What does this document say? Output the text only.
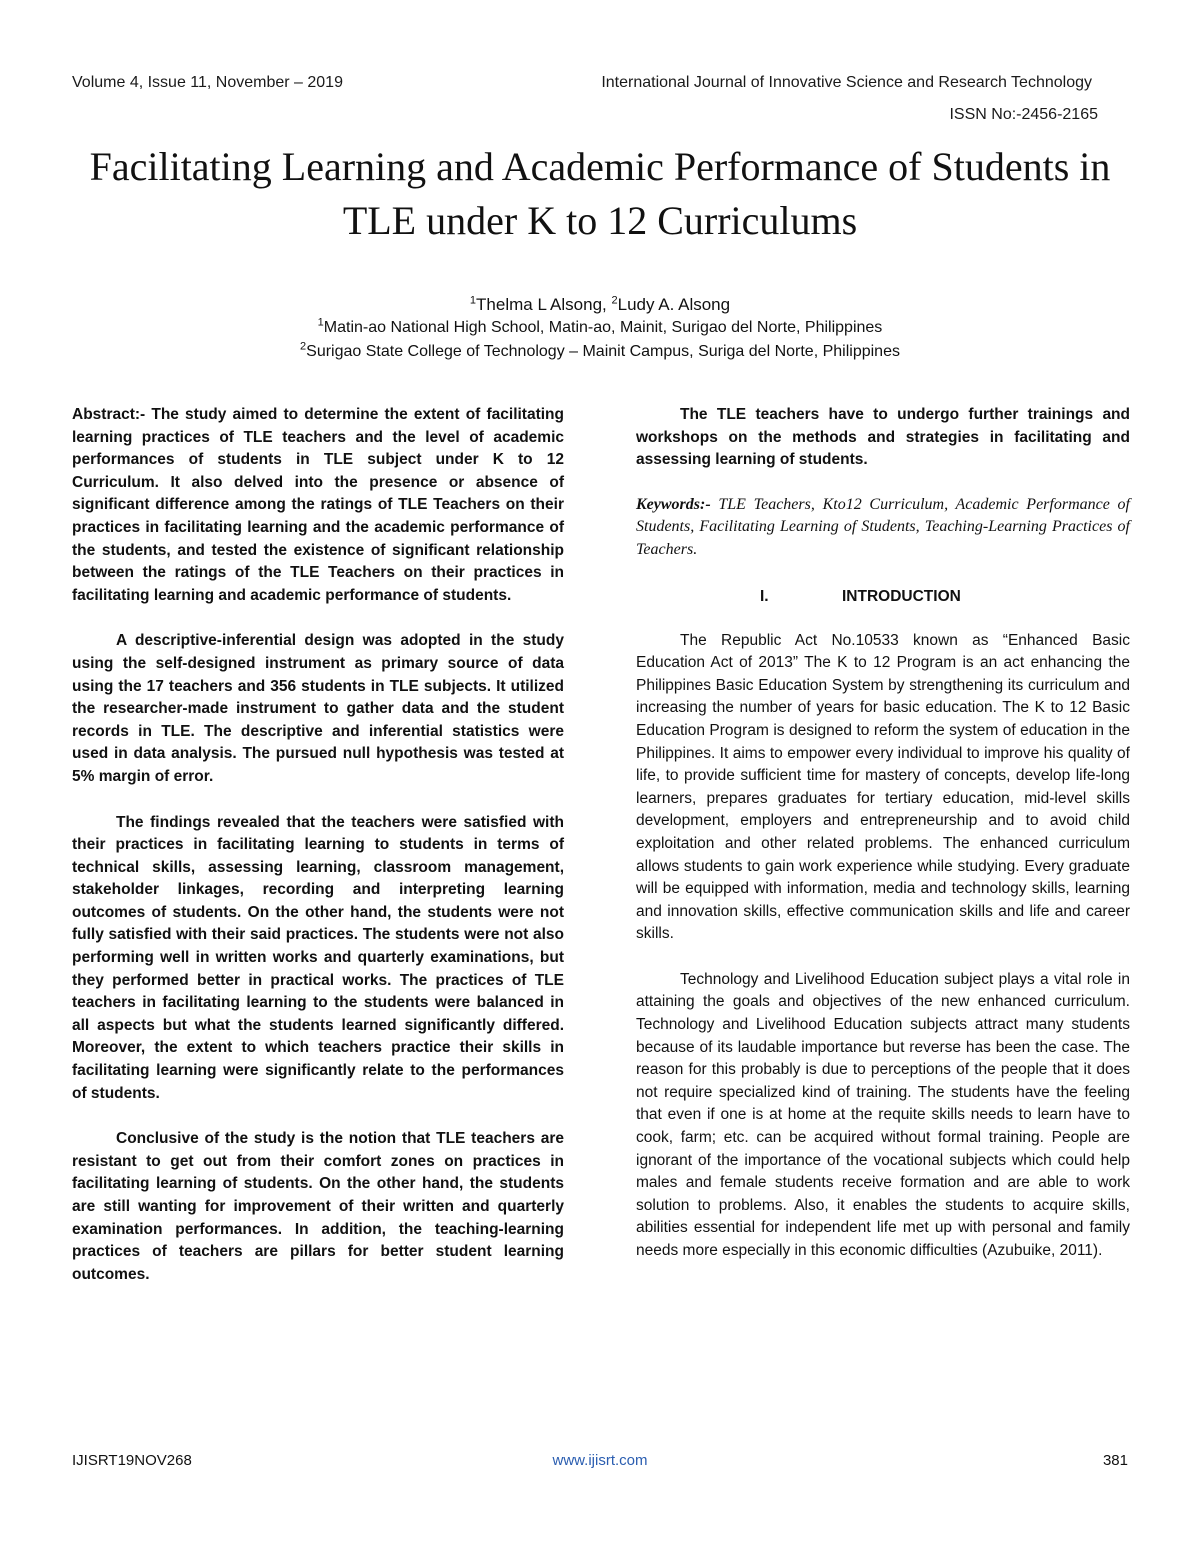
Volume 4, Issue 11, November – 2019	International Journal of Innovative Science and Research Technology
ISSN No:-2456-2165
Facilitating Learning and Academic Performance of Students in TLE under K to 12 Curriculums
$^1$Thelma L Alsong, $^2$Ludy A. Alsong
$^1$Matin-ao National High School, Matin-ao, Mainit, Surigao del Norte, Philippines
$^2$Surigao State College of Technology – Mainit Campus, Suriga del Norte, Philippines

Abstract:- The study aimed to determine the extent of facilitating learning practices of TLE teachers and the level of academic performances of students in TLE subject under K to 12 Curriculum. It also delved into the presence or absence of significant difference among the ratings of TLE Teachers on their practices in facilitating learning and the academic performance of the students, and tested the existence of significant relationship between the ratings of the TLE Teachers on their practices in facilitating learning and academic performance of students.

A descriptive-inferential design was adopted in the study using the self-designed instrument as primary source of data using the 17 teachers and 356 students in TLE subjects. It utilized the researcher-made instrument to gather data and the student records in TLE. The descriptive and inferential statistics were used in data analysis. The pursued null hypothesis was tested at 5% margin of error.

The findings revealed that the teachers were satisfied with their practices in facilitating learning to students in terms of technical skills, assessing learning, classroom management, stakeholder linkages, recording and interpreting learning outcomes of students. On the other hand, the students were not fully satisfied with their said practices. The students were not also performing well in written works and quarterly examinations, but they performed better in practical works. The practices of TLE teachers in facilitating learning to the students were balanced in all aspects but what the students learned significantly differed. Moreover, the extent to which teachers practice their skills in facilitating learning were significantly relate to the performances of students.

Conclusive of the study is the notion that TLE teachers are resistant to get out from their comfort zones on practices in facilitating learning of students. On the other hand, the students are still wanting for improvement of their written and quarterly examination performances. In addition, the teaching-learning practices of teachers are pillars for better student learning outcomes.

The TLE teachers have to undergo further trainings and workshops on the methods and strategies in facilitating and assessing learning of students.

Keywords:- TLE Teachers, Kto12 Curriculum, Academic Performance of Students, Facilitating Learning of Students, Teaching-Learning Practices of Teachers.

I.	INTRODUCTION

The Republic Act No.10533 known as “Enhanced Basic Education Act of 2013” The K to 12 Program is an act enhancing the Philippines Basic Education System by strengthening its curriculum and increasing the number of years for basic education. The K to 12 Basic Education Program is designed to reform the system of education in the Philippines. It aims to empower every individual to improve his quality of life, to provide sufficient time for mastery of concepts, develop life-long learners, prepares graduates for tertiary education, mid-level skills development, employers and entrepreneurship and to avoid child exploitation and other related problems. The enhanced curriculum allows students to gain work experience while studying. Every graduate will be equipped with information, media and technology skills, learning and innovation skills, effective communication skills and life and career skills.

Technology and Livelihood Education subject plays a vital role in attaining the goals and objectives of the new enhanced curriculum. Technology and Livelihood Education subjects attract many students because of its laudable importance but reverse has been the case. The reason for this probably is due to perceptions of the people that it does not require specialized kind of training. The students have the feeling that even if one is at home at the requite skills needs to learn have to cook, farm; etc. can be acquired without formal training. People are ignorant of the importance of the vocational subjects which could help males and female students receive formation and are able to work solution to problems. Also, it enables the students to acquire skills, abilities essential for independent life met up with personal and family needs more especially in this economic difficulties (Azubuike, 2011).

IJISRT19NOV268	www.ijisrt.com	381
